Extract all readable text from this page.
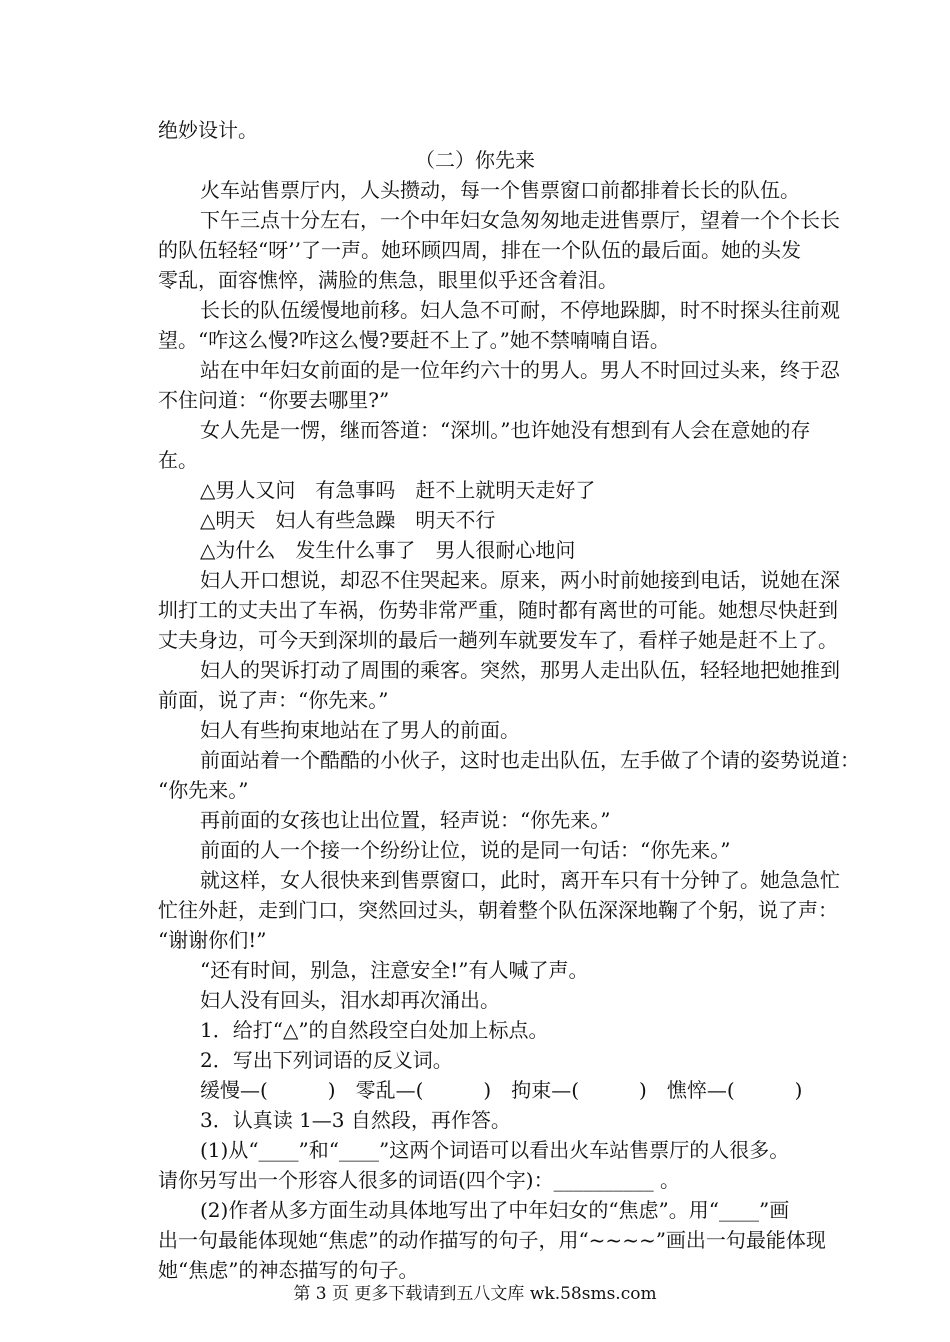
绝妙设计。
（二）你先来
火车站售票厅内，人头攒动，每一个售票窗口前都排着长长的队伍。
下午三点十分左右，一个中年妇女急匆匆地走进售票厅，望着一个个长长
的队伍轻轻“呀’’了一声。她环顾四周，排在一个队伍的最后面。她的头发
零乱，面容憔悴，满脸的焦急，眼里似乎还含着泪。
长长的队伍缓慢地前移。妇人急不可耐，不停地跺脚，时不时探头往前观
望。“咋这么慢?咋这么慢?要赶不上了。”她不禁喃喃自语。
站在中年妇女前面的是一位年约六十的男人。男人不时回过头来，终于忍
不住问道：“你要去哪里?”
女人先是一愣，继而答道：“深圳。”也许她没有想到有人会在意她的存
在。
△男人又问　有急事吗　赶不上就明天走好了
△明天　妇人有些急躁　明天不行
△为什么　发生什么事了　男人很耐心地问
妇人开口想说，却忍不住哭起来。原来，两小时前她接到电话，说她在深
圳打工的丈夫出了车祸，伤势非常严重，随时都有离世的可能。她想尽快赶到
丈夫身边，可今天到深圳的最后一趟列车就要发车了，看样子她是赶不上了。
妇人的哭诉打动了周围的乘客。突然，那男人走出队伍，轻轻地把她推到
前面，说了声：“你先来。”
妇人有些拘束地站在了男人的前面。
前面站着一个酷酷的小伙子，这时也走出队伍，左手做了个请的姿势说道：
“你先来。”
再前面的女孩也让出位置，轻声说：“你先来。”
前面的人一个接一个纷纷让位，说的是同一句话：“你先来。”
就这样，女人很快来到售票窗口，此时，离开车只有十分钟了。她急急忙
忙往外赶，走到门口，突然回过头，朝着整个队伍深深地鞠了个躬，说了声：
“谢谢你们!”
“还有时间，别急，注意安全!”有人喊了声。
妇人没有回头，泪水却再次涌出。
1．给打“△”的自然段空白处加上标点。
2．写出下列词语的反义词。
缓慢—(　　　)　零乱—(　　　)　拘束—(　　　)　憔悴—(　　　)
3．认真读 1—3 自然段，再作答。
(1)从“____”和“____”这两个词语可以看出火车站售票厅的人很多。
请你另写出一个形容人很多的词语(四个字)：__________ 。
(2)作者从多方面生动具体地写出了中年妇女的“焦虑”。用“____”画
出一句最能体现她“焦虑”的动作描写的句子，用“~~~~”画出一句最能体现
她“焦虑”的神态描写的句子。
第 3 页 更多下载请到五八文库 wk.58sms.com
